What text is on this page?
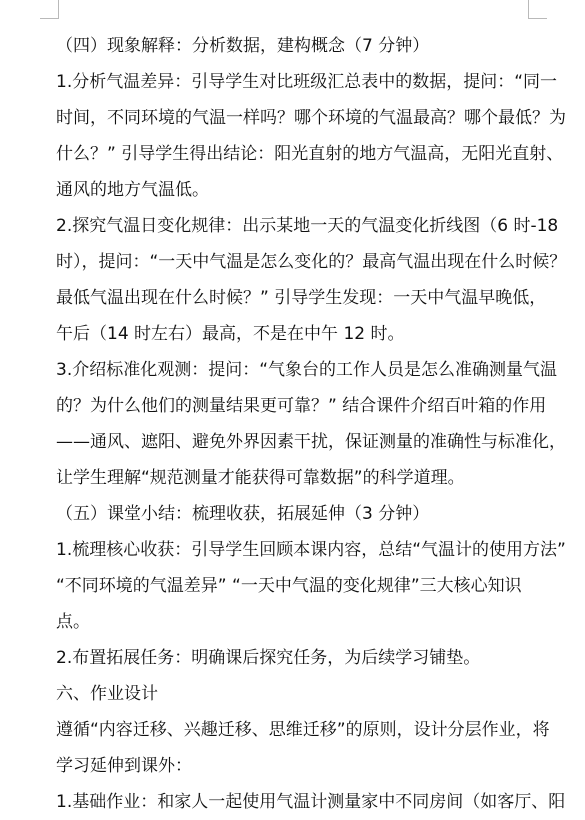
（四）现象解释：分析数据，建构概念（7 分钟）
1.分析气温差异：引导学生对比班级汇总表中的数据，提问：“同一
时间，不同环境的气温一样吗？哪个环境的气温最高？哪个最低？为
什么？” 引导学生得出结论：阳光直射的地方气温高，无阳光直射、
通风的地方气温低。
2.探究气温日变化规律：出示某地一天的气温变化折线图（6 时-18
时），提问：“一天中气温是怎么变化的？最高气温出现在什么时候？
最低气温出现在什么时候？” 引导学生发现：一天中气温早晚低，
午后（14 时左右）最高，不是在中午 12 时。
3.介绍标准化观测：提问：“气象台的工作人员是怎么准确测量气温
的？为什么他们的测量结果更可靠？” 结合课件介绍百叶箱的作用
——通风、遮阳、避免外界因素干扰，保证测量的准确性与标准化，
让学生理解“规范测量才能获得可靠数据”的科学道理。
（五）课堂小结：梳理收获，拓展延伸（3 分钟）
1.梳理核心收获：引导学生回顾本课内容，总结“气温计的使用方法”
“不同环境的气温差异” “一天中气温的变化规律”三大核心知识
点。
2.布置拓展任务：明确课后探究任务，为后续学习铺垫。
六、作业设计
遵循“内容迁移、兴趣迁移、思维迁移”的原则，设计分层作业，将
学习延伸到课外：
1.基础作业：和家人一起使用气温计测量家中不同房间（如客厅、阳
